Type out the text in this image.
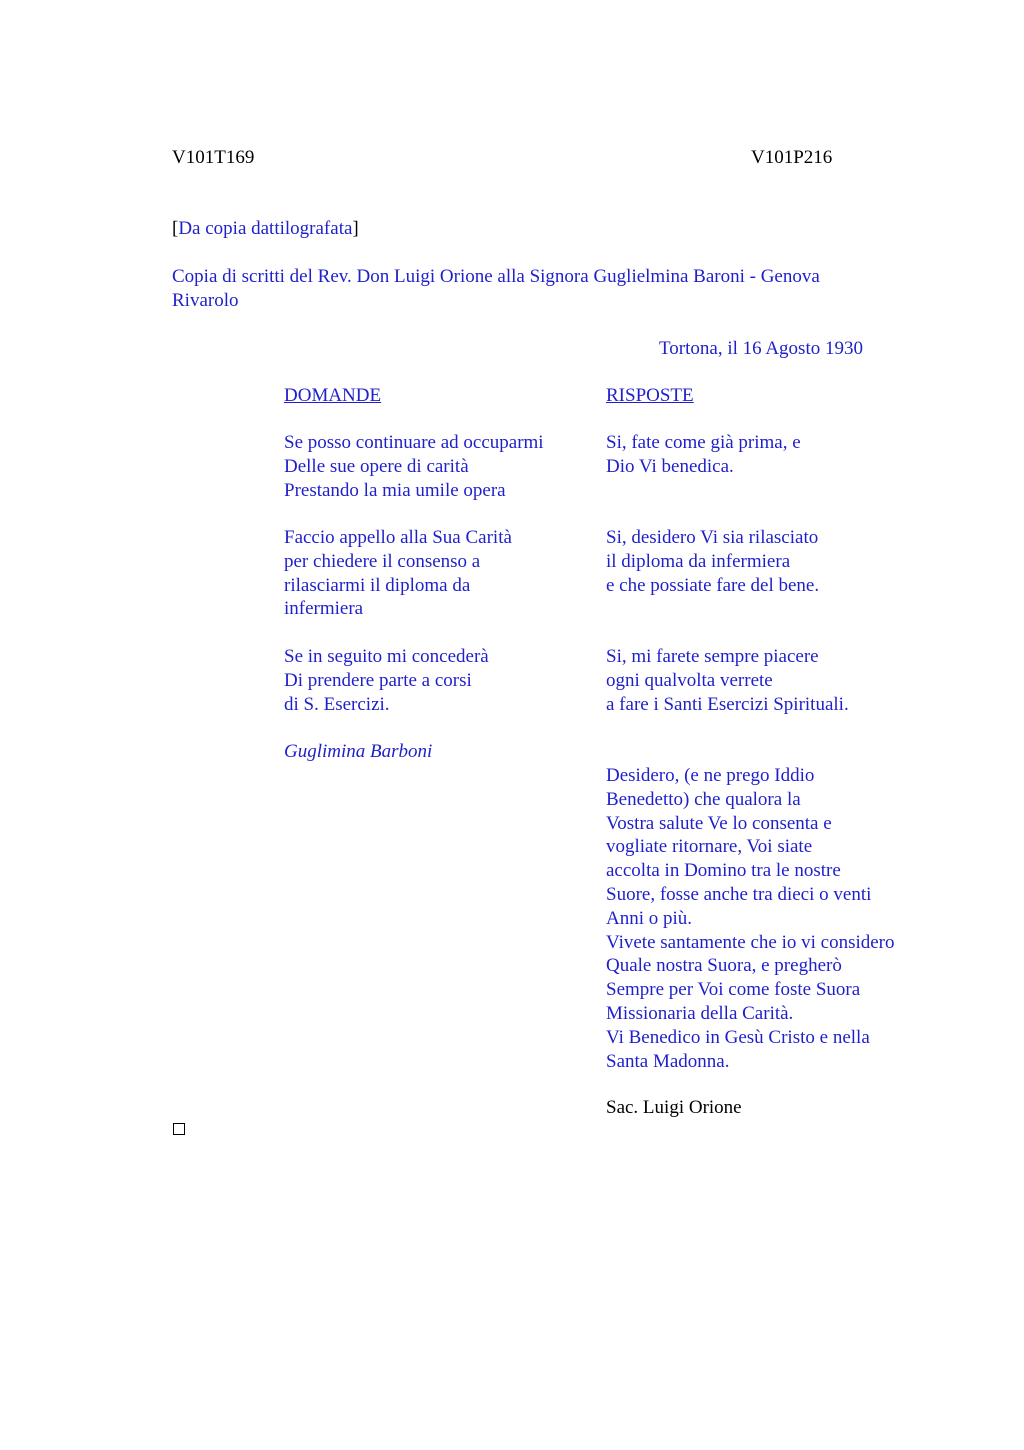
V101T169	V101P216
[Da copia dattilografata]
Copia di scritti del Rev. Don Luigi Orione alla Signora Guglielmina Baroni - Genova
Rivarolo
Tortona, il 16 Agosto 1930
DOMANDE	RISPOSTE
Se posso continuare ad occuparmi
Delle sue opere di carità
Prestando la mia umile opera
Si, fate come già prima, e
Dio Vi benedica.
Faccio appello alla Sua Carità
per chiedere il consenso a
rilasciarmi il diploma da
infermiera
Si, desidero Vi sia rilasciato
il diploma da infermiera
e che possiate fare del bene.
Se in seguito mi concederà
Di prendere parte a corsi
di S. Esercizi.
Si, mi farete sempre piacere
ogni qualvolta verrete
a fare i Santi Esercizi Spirituali.
Guglimina Barboni
Desidero, (e ne prego Iddio
Benedetto) che qualora la
Vostra salute Ve lo consenta e
vogliate ritornare, Voi siate
accolta in Domino tra le nostre
Suore, fosse anche tra dieci o venti
Anni o più.
Vivete santamente che io vi considero
Quale nostra Suora, e pregherò
Sempre per Voi come foste Suora
Missionaria della Carità.
Vi Benedico in Gesù Cristo e nella
Santa Madonna.
Sac. Luigi Orione
